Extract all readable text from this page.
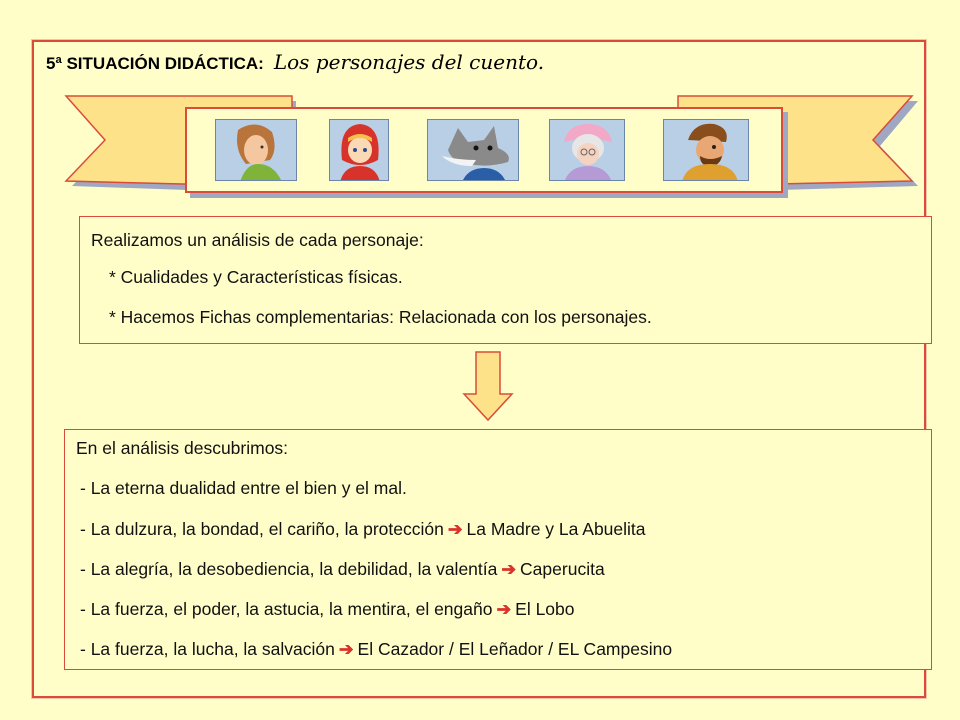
5ª SITUACIÓN DIDÁCTICA: Los personajes del cuento.
Realizamos un análisis de cada personaje:
* Cualidades y Características físicas.
* Hacemos Fichas complementarias: Relacionada con los personajes.
En el análisis descubrimos:
- La eterna dualidad entre el bien y el mal.
- La dulzura, la bondad, el cariño, la protección ➔ La Madre y La Abuelita
- La alegría, la desobediencia, la debilidad, la valentía ➔ Caperucita
- La fuerza, el poder, la astucia, la mentira, el engaño ➔ El Lobo
- La fuerza, la lucha, la salvación ➔ El Cazador / El Leñador / EL Campesino
